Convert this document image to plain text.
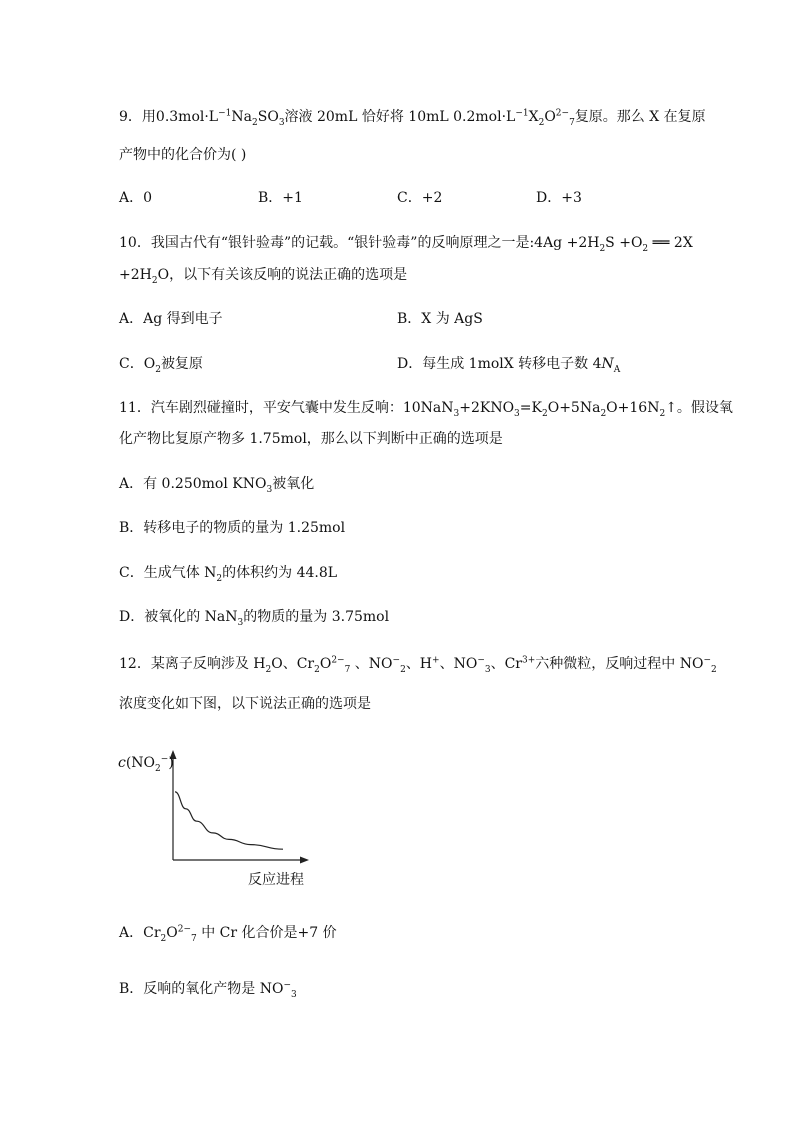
9．用$0.3mol\cdot L^{-1}Na_2SO_3$溶液 20mL 恰好将 10mL $0.2mol\cdot L^{-1}X_2O^{2-}_7$复原。那么 X 在复原
产物中的化合价为( )
A．0	B．+1	C．+2	D．+3
10．我国古代有“银针验毒”的记载。“银针验毒”的反响原理之一是:4Ag $+2H_2S +O_2$ ══ 2X
$+2H_2O$，以下有关该反响的说法正确的选项是
A．Ag 得到电子	B．X 为 AgS
C．$O_2$被复原	D．每生成 1molX 转移电子数 $4N_A$
11．汽车剧烈碰撞时，平安气囊中发生反响：$10NaN_3+2KNO_3=K_2O+5Na_2O+16N_2↑$。假设氧
化产物比复原产物多 1.75mol，那么以下判断中正确的选项是
A．有 0.250mol $KNO_3$被氧化
B．转移电子的物质的量为 1.25mol
C．生成气体 $N_2$的体积约为 44.8L
D．被氧化的 NaN$_3$的物质的量为 3.75mol
12．某离子反响涉及 $H_2O$、$Cr_2O^{2-}_7$ 、$NO^-_2$、H+、$NO^-_3$、$Cr^{3+}$六种微粒，反响过程中 $NO^-_2$
浓度变化如下图，以下说法正确的选项是
$c(NO_2^-)$
反应进程
A．$Cr_2O^{2-}_7$ 中 Cr 化合价是+7 价
B．反响的氧化产物是 $NO^-_3$
